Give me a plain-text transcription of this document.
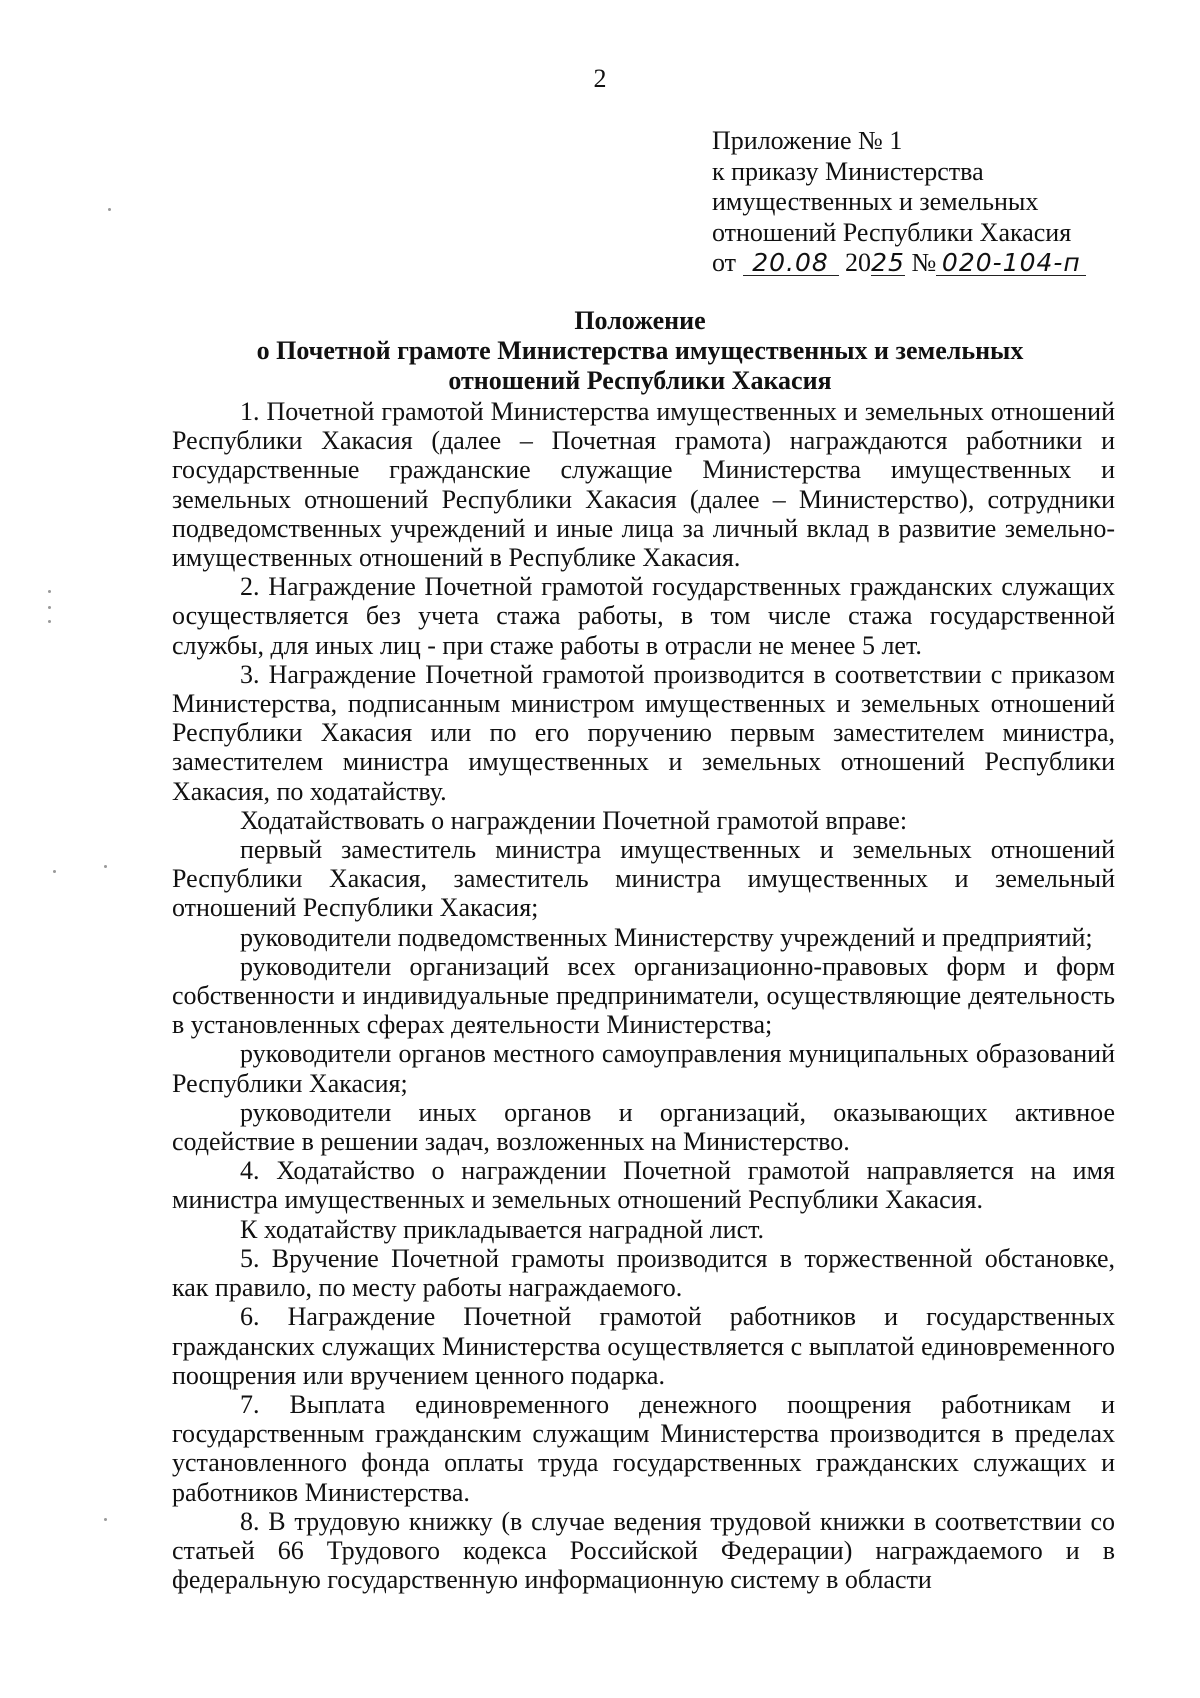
2
Приложение № 1
к приказу Министерства
имущественных и земельных
отношений Республики Хакасия
от 20.08 2025 № 020-104-п
Положение
о Почетной грамоте Министерства имущественных и земельных
отношений Республики Хакасия

1. Почетной грамотой Министерства имущественных и земельных отношений Республики Хакасия (далее – Почетная грамота) награждаются работники и государственные гражданские служащие Министерства имущественных и земельных отношений Республики Хакасия (далее – Министерство), сотрудники подведомственных учреждений и иные лица за личный вклад в развитие земельно-имущественных отношений в Республике Хакасия.

2. Награждение Почетной грамотой государственных гражданских служащих осуществляется без учета стажа работы, в том числе стажа государственной службы, для иных лиц - при стаже работы в отрасли не менее 5 лет.

3. Награждение Почетной грамотой производится в соответствии с приказом Министерства, подписанным министром имущественных и земельных отношений Республики Хакасия или по его поручению первым заместителем министра, заместителем министра имущественных и земельных отношений Республики Хакасия, по ходатайству.

Ходатайствовать о награждении Почетной грамотой вправе:

первый заместитель министра имущественных и земельных отношений Республики Хакасия, заместитель министра имущественных и земельный отношений Республики Хакасия;

руководители подведомственных Министерству учреждений и предприятий;

руководители организаций всех организационно-правовых форм и форм собственности и индивидуальные предприниматели, осуществляющие деятельность в установленных сферах деятельности Министерства;

руководители органов местного самоуправления муниципальных образований Республики Хакасия;

руководители иных органов и организаций, оказывающих активное содействие в решении задач, возложенных на Министерство.

4. Ходатайство о награждении Почетной грамотой направляется на имя министра имущественных и земельных отношений Республики Хакасия.

К ходатайству прикладывается наградной лист.

5. Вручение Почетной грамоты производится в торжественной обстановке, как правило, по месту работы награждаемого.

6. Награждение Почетной грамотой работников и государственных гражданских служащих Министерства осуществляется с выплатой единовременного поощрения или вручением ценного подарка.

7. Выплата единовременного денежного поощрения работникам и государственным гражданским служащим Министерства производится в пределах установленного фонда оплаты труда государственных гражданских служащих и работников Министерства.

8. В трудовую книжку (в случае ведения трудовой книжки в соответствии со статьей 66 Трудового кодекса Российской Федерации) награждаемого и в федеральную государственную информационную систему в области
